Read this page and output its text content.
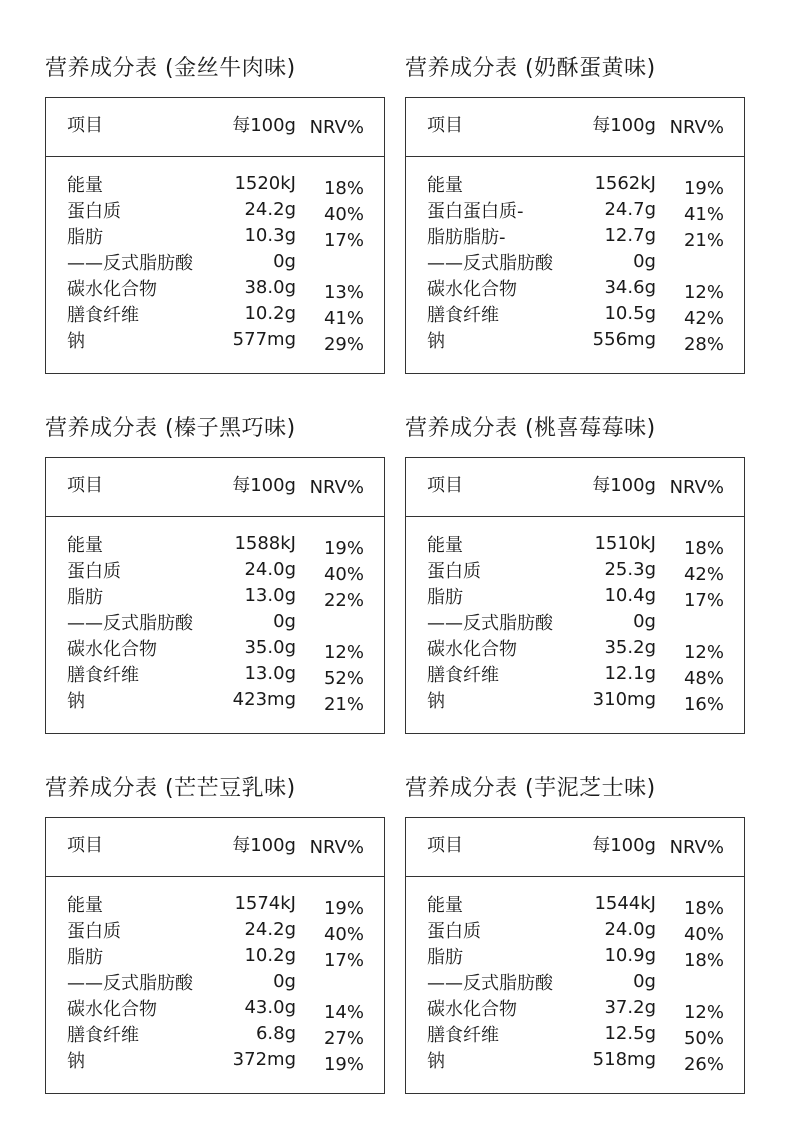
营养成分表 (金丝牛肉味)
项目	每100g NRV%
能量	1520kJ 18%
蛋白质	24.2g 40%
脂肪	10.3g 17%
——反式脂肪酸	0g
碳水化合物	38.0g 13%
膳食纤维	10.2g 41%
钠	577mg 29%
营养成分表 (奶酥蛋黄味)
项目	每100g NRV%
能量	1562kJ 19%
蛋白蛋白质-	24.7g 41%
脂肪脂肪-	12.7g 21%
——反式脂肪酸	0g
碳水化合物	34.6g 12%
膳食纤维	10.5g 42%
钠	556mg 28%
营养成分表 (榛子黑巧味)
项目	每100g NRV%
能量	1588kJ 19%
蛋白质	24.0g 40%
脂肪	13.0g 22%
——反式脂肪酸	0g
碳水化合物	35.0g 12%
膳食纤维	13.0g 52%
钠	423mg 21%
营养成分表 (桃喜莓莓味)
项目	每100g NRV%
能量	1510kJ 18%
蛋白质	25.3g 42%
脂肪	10.4g 17%
——反式脂肪酸	0g
碳水化合物	35.2g 12%
膳食纤维	12.1g 48%
钠	310mg 16%
营养成分表 (芒芒豆乳味)
项目	每100g NRV%
能量	1574kJ 19%
蛋白质	24.2g 40%
脂肪	10.2g 17%
——反式脂肪酸	0g
碳水化合物	43.0g 14%
膳食纤维	6.8g 27%
钠	372mg 19%
营养成分表 (芋泥芝士味)
项目	每100g NRV%
能量	1544kJ 18%
蛋白质	24.0g 40%
脂肪	10.9g 18%
——反式脂肪酸	0g
碳水化合物	37.2g 12%
膳食纤维	12.5g 50%
钠	518mg 26%
